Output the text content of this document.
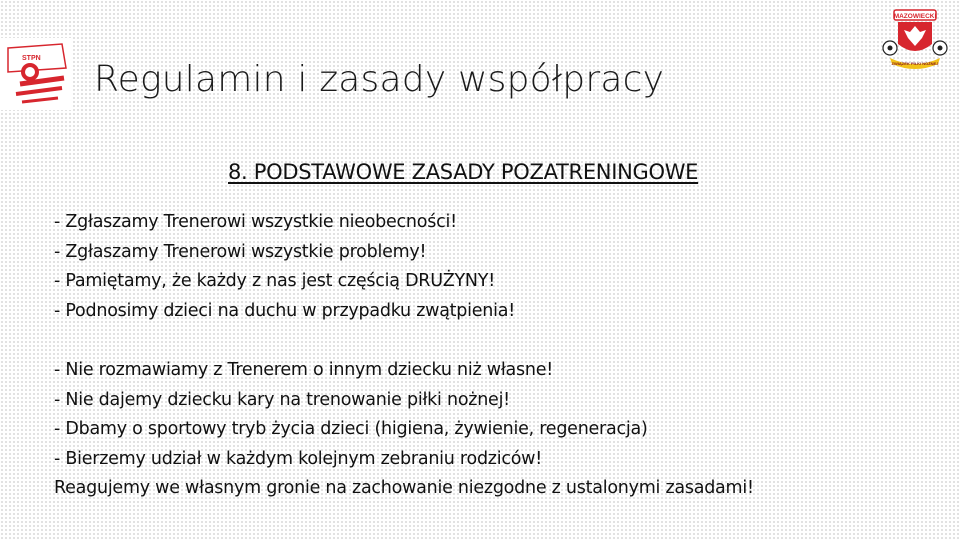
STPN
MAZOWIECKI
ZWIĄZEK PIŁKI NOŻNEJ
Regulamin i zasady współpracy
8. PODSTAWOWE ZASADY POZATRENINGOWE
- Zgłaszamy Trenerowi wszystkie nieobecności!
- Zgłaszamy Trenerowi wszystkie problemy!
- Pamiętamy, że każdy z nas jest częścią DRUŻYNY!
- Podnosimy dzieci na duchu w przypadku zwątpienia!
- Nie rozmawiamy z Trenerem o innym dziecku niż własne!
- Nie dajemy dziecku kary na trenowanie piłki nożnej!
- Dbamy o sportowy tryb życia dzieci (higiena, żywienie, regeneracja)
- Bierzemy udział w każdym kolejnym zebraniu rodziców!
Reagujemy we własnym gronie na zachowanie niezgodne z ustalonymi zasadami!
